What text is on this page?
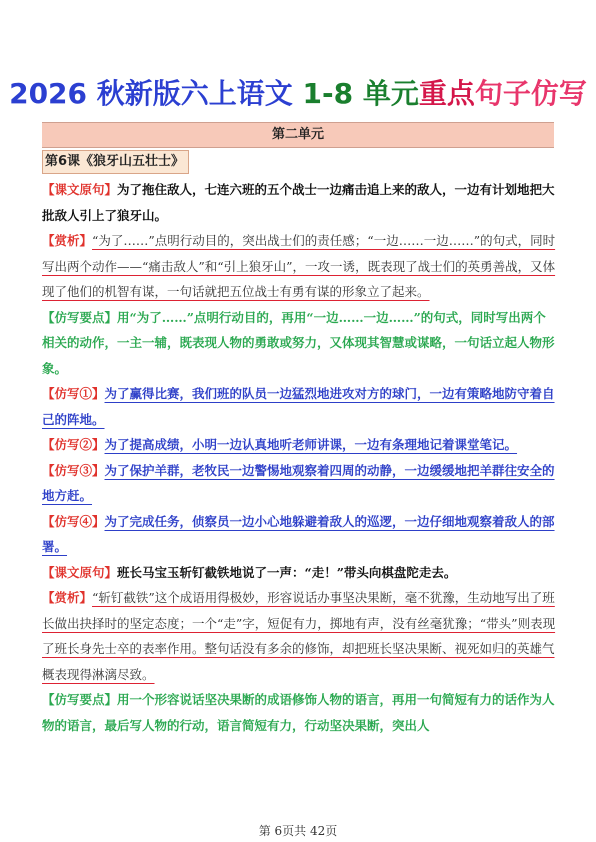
2026 秋新版六上语文 1-8 单元重点句子仿写
第二单元
第6课《狼牙山五壮士》

【课文原句】为了拖住敌人，七连六班的五个战士一边痛击追上来的敌人，一边有计划地把大批敌人引上了狼牙山。

【赏析】“为了……”点明行动目的，突出战士们的责任感；“一边……一边……”的句式，同时写出两个动作——“痛击敌人”和“引上狼牙山”，一攻一诱，既表现了战士们的英勇善战，又体现了他们的机智有谋，一句话就把五位战士有勇有谋的形象立了起来。

【仿写要点】用“为了……”点明行动目的，再用“一边……一边……”的句式，同时写出两个相关的动作，一主一辅，既表现人物的勇敢或努力，又体现其智慧或谋略，一句话立起人物形象。

【仿写①】为了赢得比赛，我们班的队员一边猛烈地进攻对方的球门，一边有策略地防守着自己的阵地。

【仿写②】为了提高成绩，小明一边认真地听老师讲课，一边有条理地记着课堂笔记。

【仿写③】为了保护羊群，老牧民一边警惕地观察着四周的动静，一边缓缓地把羊群往安全的地方赶。

【仿写④】为了完成任务，侦察员一边小心地躲避着敌人的巡逻，一边仔细地观察着敌人的部署。

【课文原句】班长马宝玉斩钉截铁地说了一声：“走！”带头向棋盘陀走去。

【赏析】“斩钉截铁”这个成语用得极妙，形容说话办事坚决果断，毫不犹豫，生动地写出了班长做出抉择时的坚定态度；一个“走”字，短促有力，掷地有声，没有丝毫犹豫；“带头”则表现了班长身先士卒的表率作用。整句话没有多余的修饰，却把班长坚决果断、视死如归的英雄气概表现得淋漓尽致。

【仿写要点】用一个形容说话坚决果断的成语修饰人物的语言，再用一句简短有力的话作为人物的语言，最后写人物的行动，语言简短有力，行动坚决果断，突出人

第 6页共 42页
